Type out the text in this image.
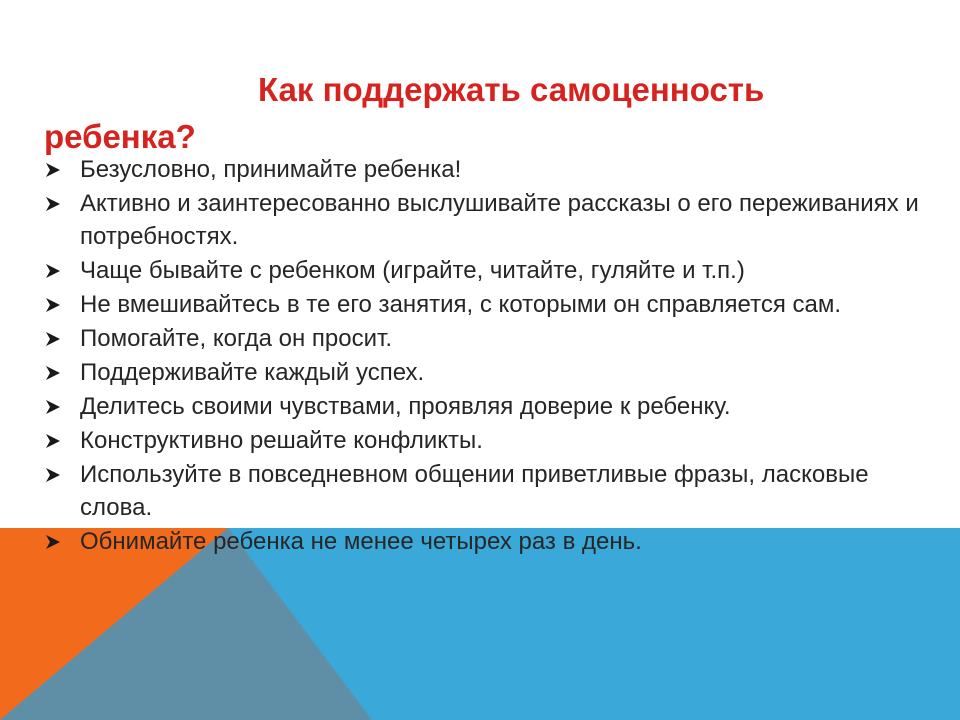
Как поддержать самоценность ребенка?
Безусловно, принимайте ребенка!
Активно и заинтересованно выслушивайте рассказы о его переживаниях и потребностях.
Чаще бывайте с ребенком (играйте, читайте, гуляйте и т.п.)
Не вмешивайтесь в те его занятия, с которыми он справляется сам.
Помогайте, когда он просит.
Поддерживайте каждый успех.
Делитесь своими чувствами, проявляя доверие к ребенку.
Конструктивно решайте конфликты.
Используйте в повседневном общении приветливые фразы, ласковые слова.
Обнимайте ребенка не менее четырех раз в день.
